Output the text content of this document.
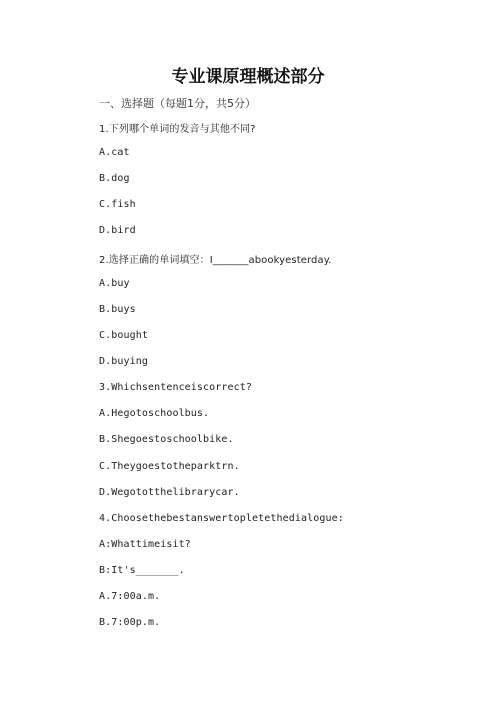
专业课原理概述部分
一、选择题（每题1分，共5分）
1.下列哪个单词的发音与其他不同?
A.cat
B.dog
C.fish
D.bird
2.选择正确的单词填空：I_______abookyesterday.
A.buy
B.buys
C.bought
D.buying
3.Whichsentenceiscorrect?
A.Hegotoschoolbus.
B.Shegoestoschoolbike.
C.Theygoestotheparktrn.
D.Wegototthelibrarycar.
4.Choosethebestanswertopletethedialogue:
A:Whattimeisit?
B:It's_______.
A.7:00a.m.
B.7:00p.m.
